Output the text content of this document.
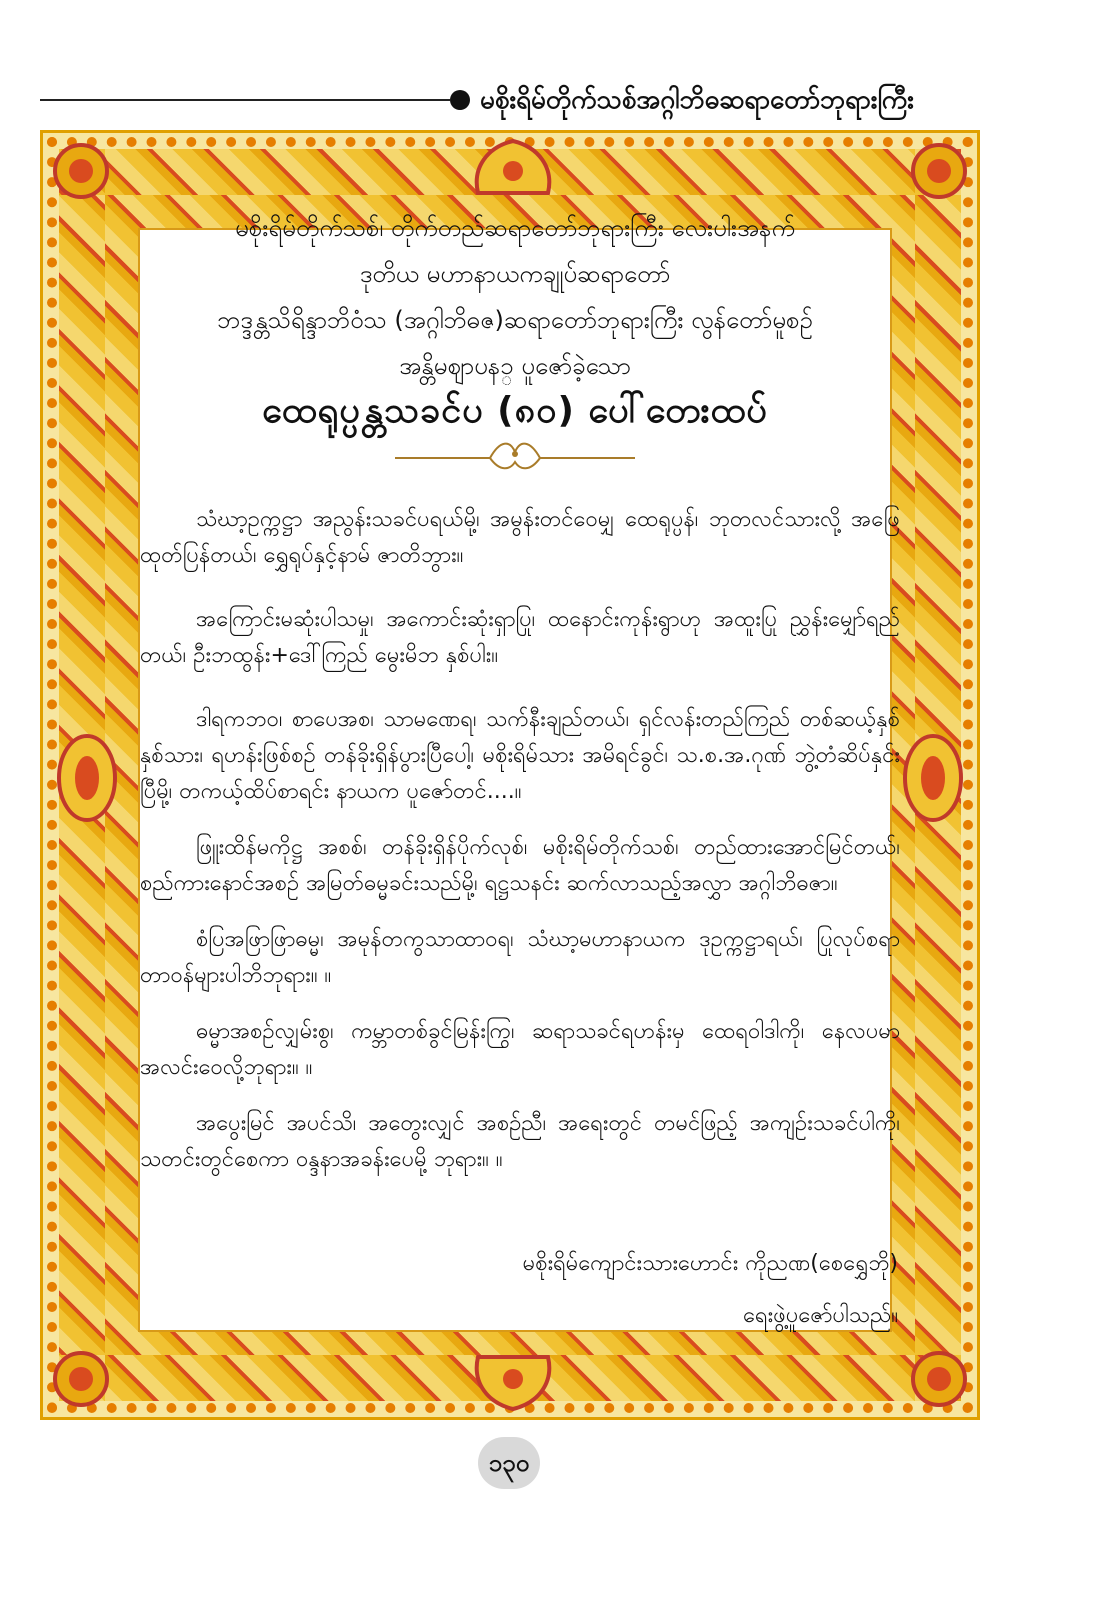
မစိုးရိမ်တိုက်သစ်အဂ္ဂါဘိဓဆရာတော်ဘုရားကြီး

မစိုးရိမ်တိုက်သစ်၊ တိုက်တည်ဆရာတော်ဘုရားကြီး လေးပါးအနက်

ဒုတိယ မဟာနာယကချုပ်ဆရာတော်

ဘဒ္ဒန္တသိရိန္ဒာဘိဝံသ (အဂ္ဂါဘိဓဇ)ဆရာတော်ဘုရားကြီး လွန်တော်မူစဉ်

အန္တိမဈာပနၥ္ ပူဇော်ခဲ့သော

ထေရုပ္ပန္တသခင်ပ (၈၀) ပေါ်တေးထပ်

သံဃာ့ဥက္ကဋ္ဌာ အညွန်းသခင်ပရယ်မို့၊ အမွန်းတင်ဝေမျှ ထေရုပ္ပန်၊ ဘုတလင်သားလို့ အဖြေထုတ်ပြန်တယ်၊ ရွှေရုပ်နှင့်နာမ် ဇာတိဘွား။

အကြောင်းမဆုံးပါသမှု၊ အကောင်းဆုံးရှာပြု၊ ထနောင်းကုန်းရွာဟု အထူးပြု ညွှန်းမျှော်ရည်တယ်၊ ဦးဘထွန်း+ဒေါ်ကြည် မွေးမိဘ နှစ်ပါး။

ဒါရကဘဝ၊ စာပေအစ၊ သာမဏေရ၊ သက်နီးချည်တယ်၊ ရှင်လန်းတည်ကြည် တစ်ဆယ့်နှစ်နှစ်သား၊ ရဟန်းဖြစ်စဉ် တန်ခိုးရှိန်ပွားပြီပေါ့၊ မစိုးရိမ်သား အမိရင်ခွင်၊ သ.စ.အ.ဂုဏ် ဘွဲ့တံဆိပ်နှင်းပြီမို့၊ တကယ့်ထိပ်စာရင်း နာယက ပူဇော်တင်....။

ဖြူးထိန်မကိုဋ္ဌ အစစ်၊ တန်ခိုးရှိန်ပိုက်လုစ်၊ မစိုးရိမ်တိုက်သစ်၊ တည်ထားအောင်မြင်တယ်၊ စည်ကားနောင်အစဉ် အမြတ်ဓမ္မခင်းသည်မို့၊ ရဋ္ဌသနင်း ဆက်လာသည့်အလွှာ အဂ္ဂါဘိဓဇာ။

စံပြအဖြာဖြာဓမ္မ၊ အမုန်တကွသာထာဝရ၊ သံဃာ့မဟာနာယက ဒုဥက္ကဋ္ဌာရယ်၊ ပြုလုပ်စရာ တာဝန်များပါဘိဘုရား။ ။

ဓမ္မာအစဉ်လျှမ်းစွ၊ ကမ္ဘာတစ်ခွင်မြန်းကြွ၊ ဆရာသခင်ရဟန်းမှ ထေရဝါဒါကို၊ နေလပမာ အလင်းဝေလို့ဘုရား။ ။

အပွေးမြင် အပင်သိ၊ အတွေးလျှင် အစဉ်ညီ၊ အရေးတွင် တမင်ဖြည့် အကျဉ်းသခင်ပါကို၊ သတင်းတွင်စေကာ ဝန္ဒနာအခန်းပေမို့ ဘုရား။ ။

မစိုးရိမ်ကျောင်းသားဟောင်း ကိုညဏ(စေရွှေဘို)
ရေးဖွဲ့ပူဇော်ပါသည်။
၁၃၀
